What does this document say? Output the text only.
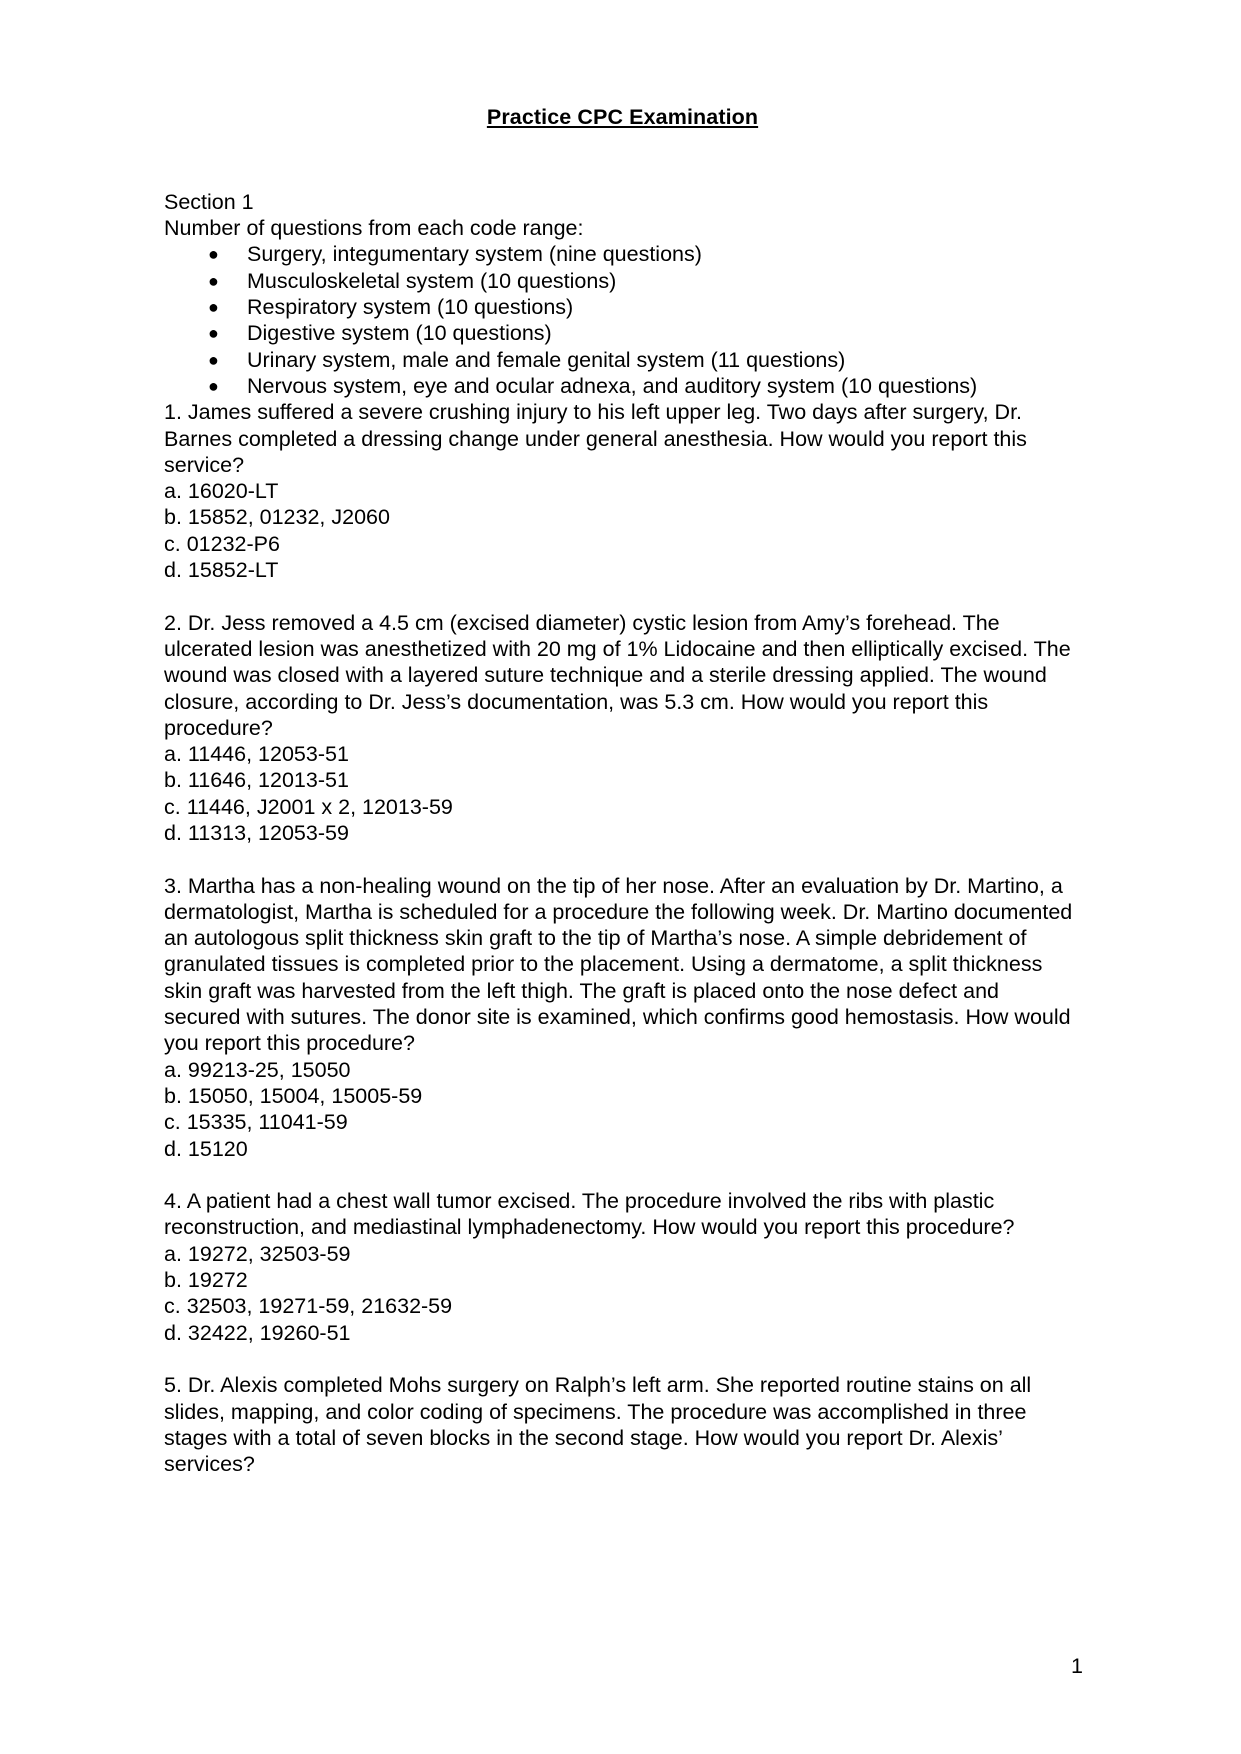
Practice CPC Examination

Section 1

Number of questions from each code range:

● Surgery, integumentary system (nine questions)
● Musculoskeletal system (10 questions)
● Respiratory system (10 questions)
● Digestive system (10 questions)
● Urinary system, male and female genital system (11 questions)
● Nervous system, eye and ocular adnexa, and auditory system (10 questions)

1. James suffered a severe crushing injury to his left upper leg. Two days after surgery, Dr. Barnes completed a dressing change under general anesthesia. How would you report this service?

a. 16020-LT
b. 15852, 01232, J2060
c. 01232-P6
d. 15852-LT

2. Dr. Jess removed a 4.5 cm (excised diameter) cystic lesion from Amy’s forehead. The ulcerated lesion was anesthetized with 20 mg of 1% Lidocaine and then elliptically excised. The wound was closed with a layered suture technique and a sterile dressing applied. The wound closure, according to Dr. Jess’s documentation, was 5.3 cm. How would you report this procedure?

a. 11446, 12053-51
b. 11646, 12013-51
c. 11446, J2001 x 2, 12013-59
d. 11313, 12053-59

3. Martha has a non-healing wound on the tip of her nose. After an evaluation by Dr. Martino, a dermatologist, Martha is scheduled for a procedure the following week. Dr. Martino documented an autologous split thickness skin graft to the tip of Martha’s nose. A simple debridement of granulated tissues is completed prior to the placement. Using a dermatome, a split thickness skin graft was harvested from the left thigh. The graft is placed onto the nose defect and secured with sutures. The donor site is examined, which confirms good hemostasis. How would you report this procedure?

a. 99213-25, 15050
b. 15050, 15004, 15005-59
c. 15335, 11041-59
d. 15120

4. A patient had a chest wall tumor excised. The procedure involved the ribs with plastic reconstruction, and mediastinal lymphadenectomy. How would you report this procedure?

a. 19272, 32503-59
b. 19272
c. 32503, 19271-59, 21632-59
d. 32422, 19260-51

5. Dr. Alexis completed Mohs surgery on Ralph’s left arm. She reported routine stains on all slides, mapping, and color coding of specimens. The procedure was accomplished in three stages with a total of seven blocks in the second stage. How would you report Dr. Alexis’ services?

1
